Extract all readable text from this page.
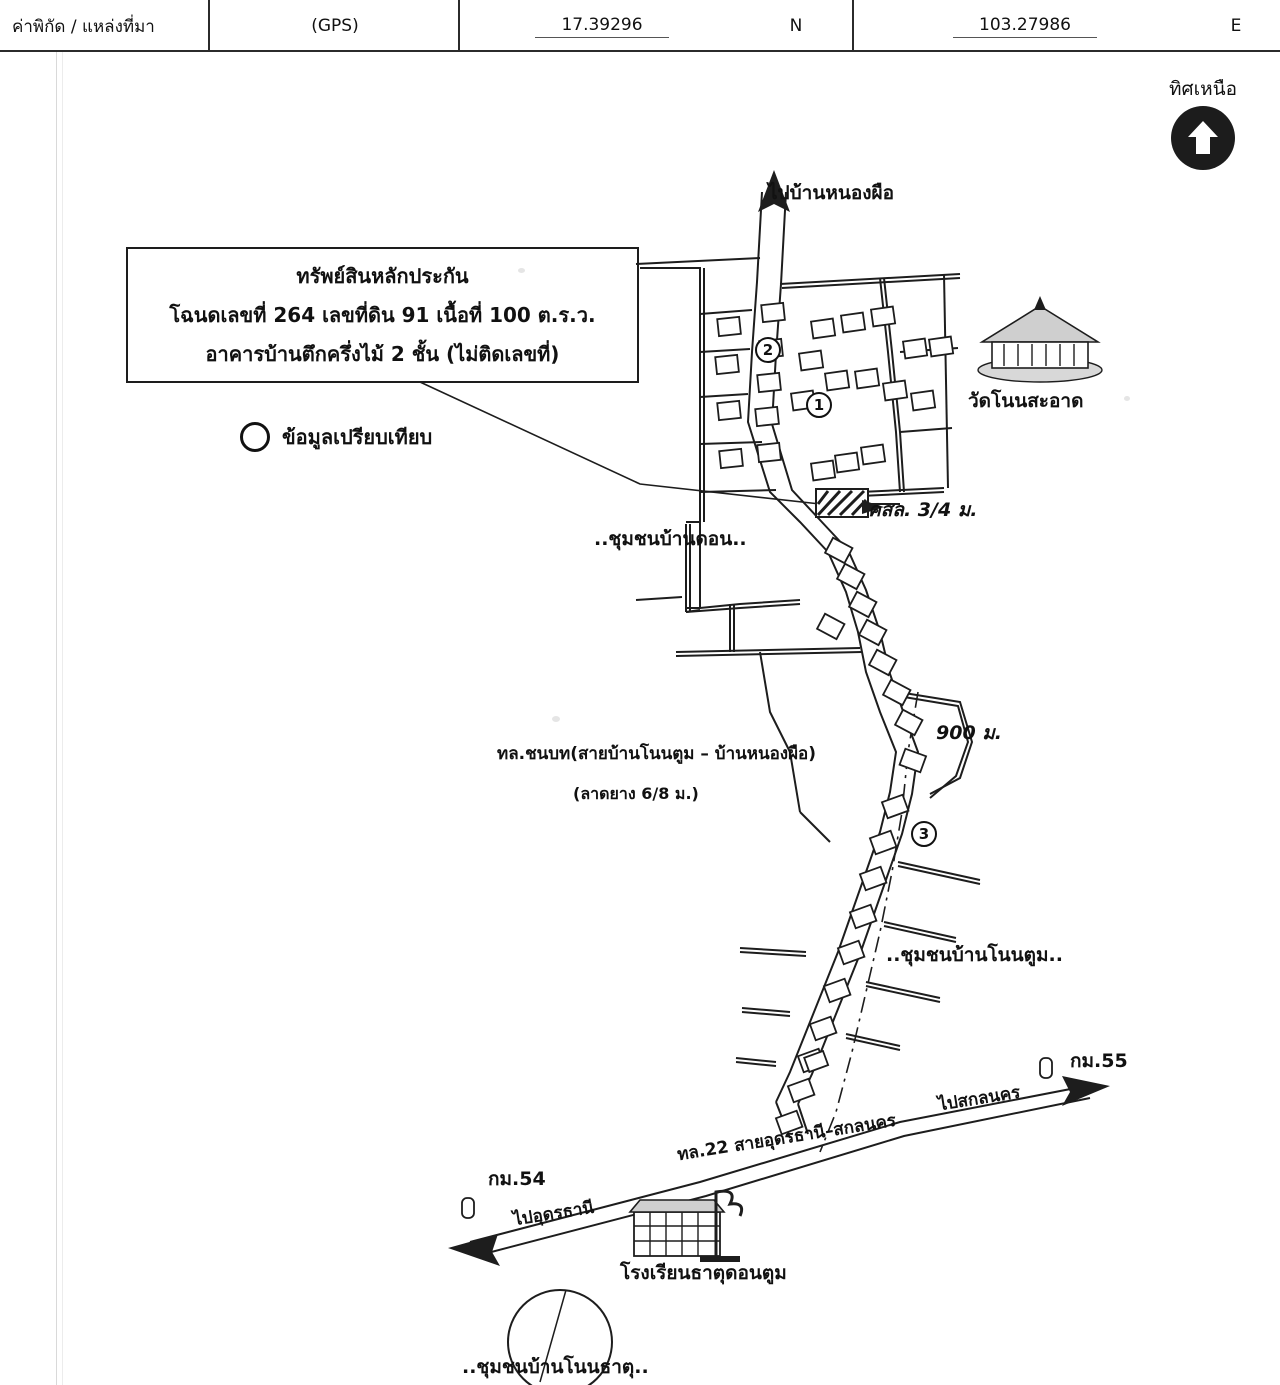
ค่าพิกัด / แหล่งที่มา	(GPS)	17.39296	N	103.27986	E
ทิศเหนือ
ทรัพย์สินหลักประกัน
โฉนดเลขที่ 264 เลขที่ดิน 91 เนื้อที่ 100 ต.ร.ว.
อาคารบ้านตึกครึ่งไม้ 2 ชั้น (ไม่ติดเลขที่)
ข้อมูลเปรียบเทียบ
ไปบ้านหนองผือ
วัดโนนสะอาด
คสล. 3/4 ม.
..ชุมชนบ้านดอน..
900 ม.
ทล.ชนบท(สายบ้านโนนตูม – บ้านหนองผือ)
(ลาดยาง 6/8 ม.)
..ชุมชนบ้านโนนตูม..
กม.55
กม.54
ไปสกลนคร
ไปอุดรธานี
ทล.22 สายอุดรธานี–สกลนคร
โรงเรียนธาตุดอนตูม
..ชุมชนบ้านโนนธาตุ..
1
2
3
